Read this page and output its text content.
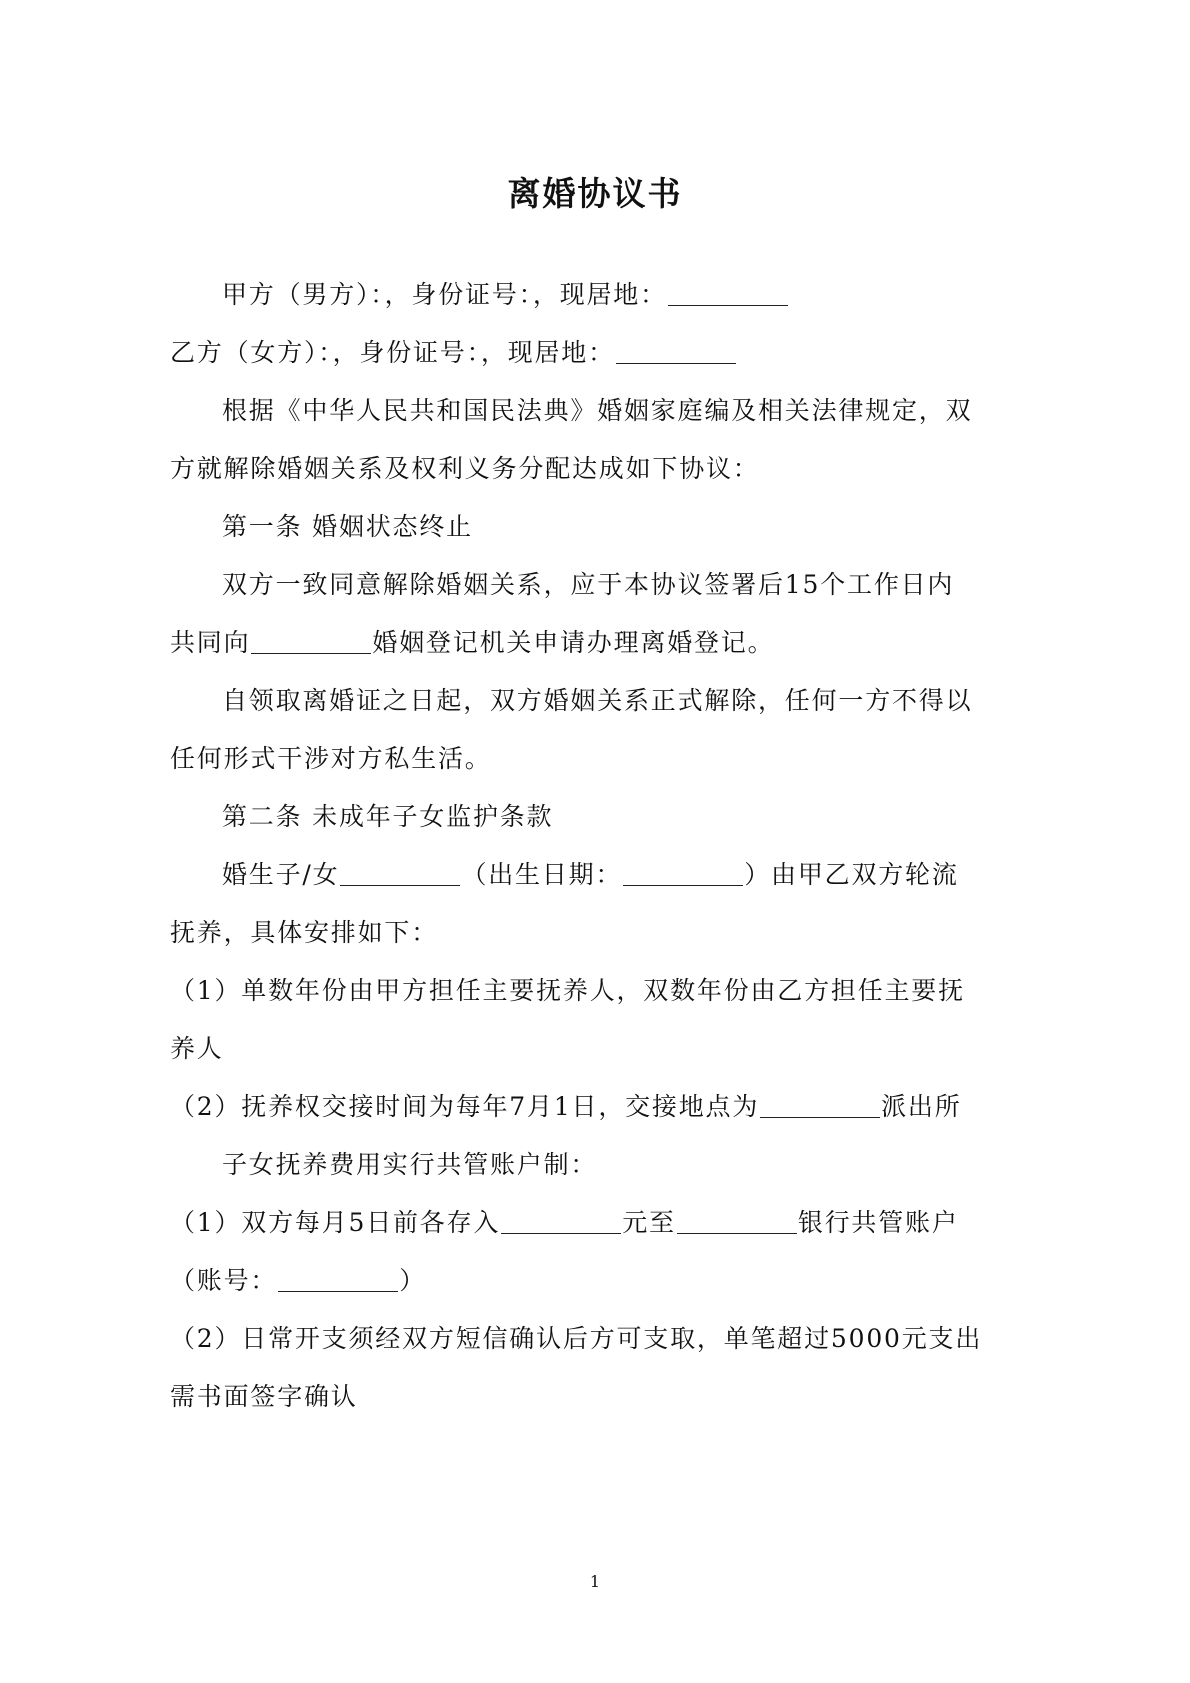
离婚协议书
甲方（男方）：，身份证号：，现居地：
乙方（女方）：，身份证号：，现居地：
根据《中华人民共和国民法典》婚姻家庭编及相关法律规定，双
方就解除婚姻关系及权利义务分配达成如下协议：
第一条 婚姻状态终止
双方一致同意解除婚姻关系，应于本协议签署后15个工作日内
共同向	婚姻登记机关申请办理离婚登记。
自领取离婚证之日起，双方婚姻关系正式解除，任何一方不得以
任何形式干涉对方私生活。
第二条 未成年子女监护条款
婚生子/女	（出生日期：	）由甲乙双方轮流
抚养，具体安排如下：
（1）单数年份由甲方担任主要抚养人，双数年份由乙方担任主要抚
养人
（2）抚养权交接时间为每年7月1日，交接地点为	派出所
子女抚养费用实行共管账户制：
（1）双方每月5日前各存入	元至	银行共管账户
（账号：	）
（2）日常开支须经双方短信确认后方可支取，单笔超过5000元支出
需书面签字确认
1
